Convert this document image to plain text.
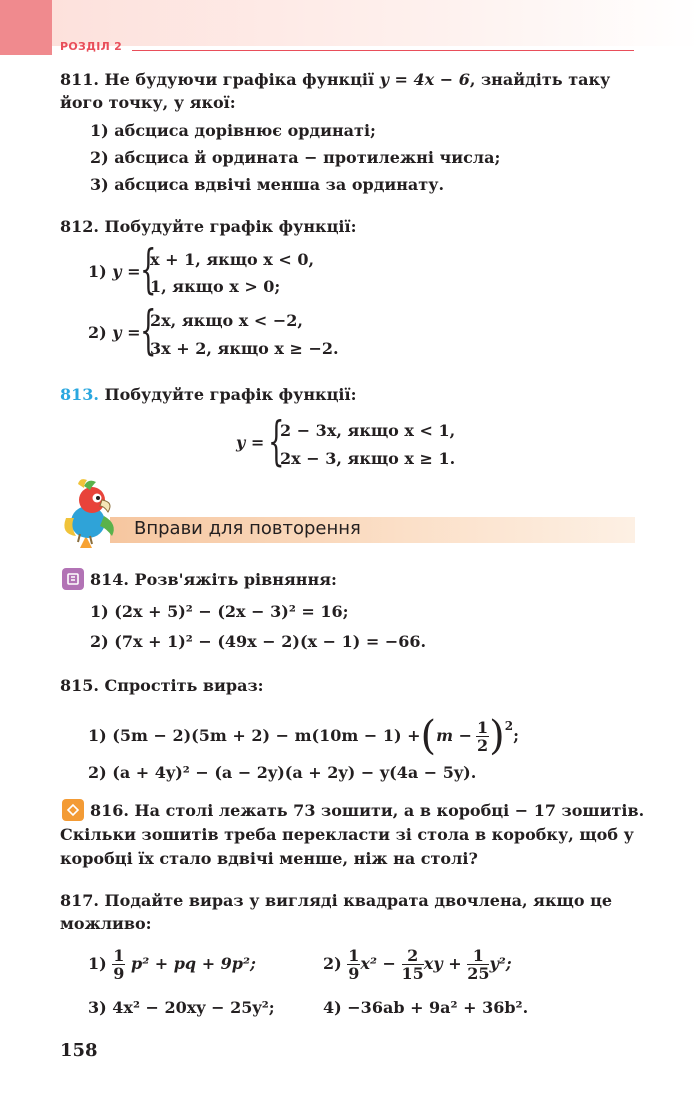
РОЗДІЛ 2
811. Не будуючи графіка функції y = 4x − 6, знайдіть таку
його точку, у якої:
1) абсциса дорівнює ординаті;
2) абсциса й ордината − протилежні числа;
3) абсциса вдвічі менша за ординату.
812. Побудуйте графік функції:
1) y = {
x + 1, якщо x < 0,
1, якщо x > 0;
2) y = {
2x, якщо x < −2,
3x + 2, якщо x ≥ −2.
813. Побудуйте графік функції:
y = {
2 − 3x, якщо x < 1,
2x − 3, якщо x ≥ 1.
Вправи для повторення
814. Розв'яжіть рівняння:
1) (2x + 5)² − (2x − 3)² = 16;
2) (7x + 1)² − (49x − 2)(x − 1) = −66.
815. Спростіть вираз:
1) (5m − 2)(5m + 2) − m(10m − 1) + ( $m - \frac{1}{2} )^2$ ;
2) (a + 4y)² − (a − 2y)(a + 2y) − y(4a − 5y).
816. На столі лежать 73 зошити, а в коробці − 17 зошитів.
Скільки зошитів треба перекласти зі стола в коробку, щоб у
коробці їх стало вдвічі менше, ніж на столі?
817. Подайте вираз у вигляді квадрата двочлена, якщо це
можливо:
1)
$\frac{1}{9}$
p² + pq + 9p²;	2)
$\frac{1}{9} x^2$ −
$\frac{2}{15}$ xy +
$\frac{1}{25} y^2$;
3) 4x² − 20xy − 25y²;	4) −36ab + 9a² + 36b².
158
